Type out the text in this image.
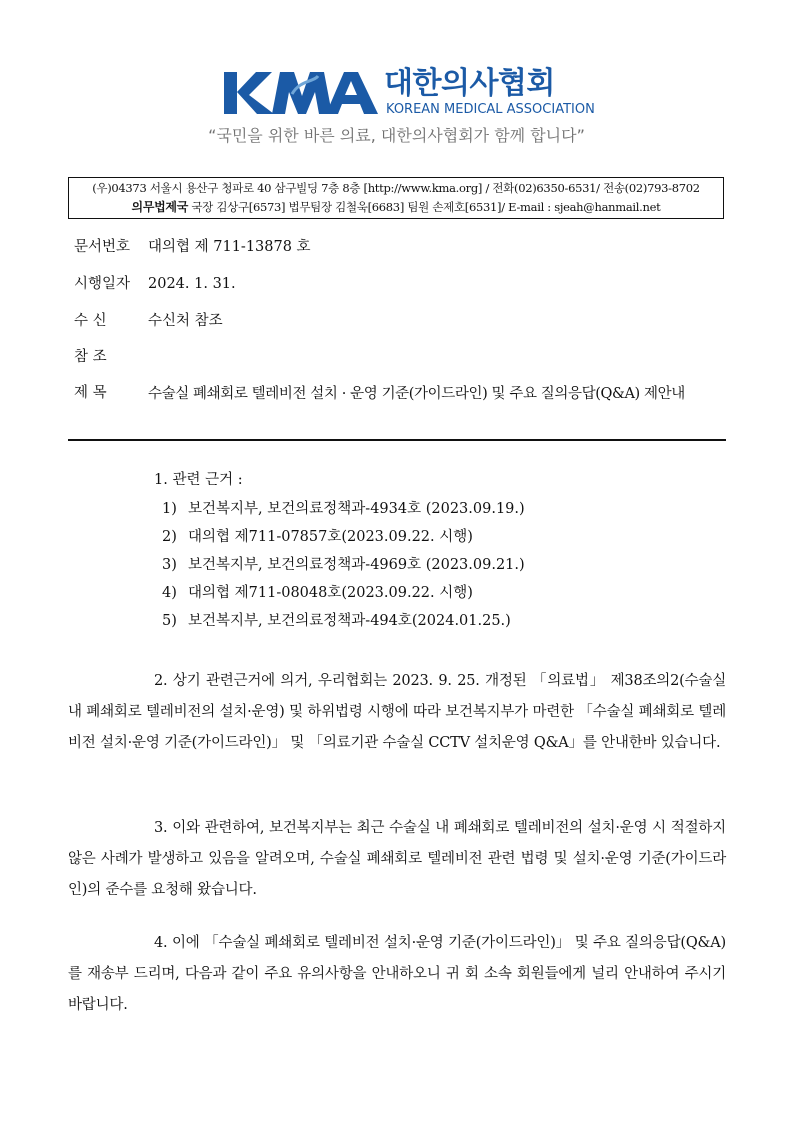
대한의사협회
KOREAN MEDICAL ASSOCIATION
“국민을 위한 바른 의료, 대한의사협회가 함께 합니다”
(우)04373 서울시 용산구 청파로 40 삼구빌딩 7층 8층 [http://www.kma.org] / 전화(02)6350-6531/ 전송(02)793-8702
의무법제국 국장 김상구[6573] 법무팀장 김철욱[6683] 팀원 손제호[6531]/ E-mail : sjeah@hanmail.net
문서번호 대의협 제 711-13878 호
시행일자 2024. 1. 31.
수 신	수신처 참조
참 조
제 목	수술실 폐쇄회로 텔레비전 설치 · 운영 기준(가이드라인) 및 주요 질의응답(Q&A) 제안내
1. 관련 근거 :
1) 보건복지부, 보건의료정책과-4934호 (2023.09.19.)
2) 대의협 제711-07857호(2023.09.22. 시행)
3) 보건복지부, 보건의료정책과-4969호 (2023.09.21.)
4) 대의협 제711-08048호(2023.09.22. 시행)
5) 보건복지부, 보건의료정책과-494호(2024.01.25.)
2. 상기 관련근거에 의거, 우리협회는 2023. 9. 25. 개정된 「의료법」 제38조의2(수술실 내 폐쇄회로 텔레비전의 설치·운영) 및 하위법령 시행에 따라 보건복지부가 마련한 「수술실 폐쇄회로 텔레비전 설치·운영 기준(가이드라인)」 및 「의료기관 수술실 CCTV 설치운영 Q&A」를 안내한바 있습니다.
3. 이와 관련하여, 보건복지부는 최근 수술실 내 폐쇄회로 텔레비전의 설치·운영 시 적절하지 않은 사례가 발생하고 있음을 알려오며, 수술실 폐쇄회로 텔레비전 관련 법령 및 설치·운영 기준(가이드라인)의 준수를 요청해 왔습니다.
4. 이에 「수술실 폐쇄회로 텔레비전 설치·운영 기준(가이드라인)」 및 주요 질의응답(Q&A)를 재송부 드리며, 다음과 같이 주요 유의사항을 안내하오니 귀 회 소속 회원들에게 널리 안내하여 주시기 바랍니다.
